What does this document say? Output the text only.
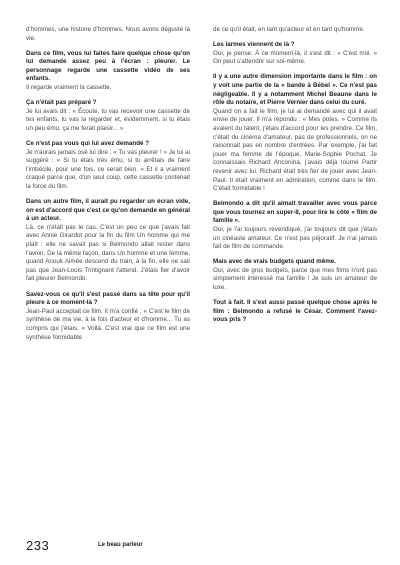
d'hommes, une histoire d'hommes. Nous avons dégusté la vie.
Dans ce film, vous lui faites faire quelque chose qu'on lui demande assez peu à l'écran : pleurer. Le personnage regarde une cassette vidéo de ses enfants.
Il regarde vraiment la cassette.
Ça n'était pas préparé ?
Je lui avais dit : « Écoute, tu vas recevoir une cassette de tes enfants, tu vas la regarder et, évidemment, si tu étais un peu ému, ça me ferait plaisir... »
Ce n'est pas vous qui lui avez demandé ?
Je n'aurais jamais osé lui dire : « Tu vas pleurer ! » Je lui ai suggéré : « Si tu étais très ému, si tu arrêtais de faire l'imbécile, pour une fois, ce serait bien. » Et il a vraiment craqué parce que, d'un seul coup, cette cassette contenait la force du film.
Dans un autre film, il aurait pu regarder un écran vide, on est d'accord que c'est ce qu'on demande en général à un acteur.
Là, ce n'était pas le cas. C'est un peu ce que j'avais fait avec Annie Girardot pour la fin du film Un homme qui me plaît : elle ne savait pas si Belmondo allait rester dans l'avion. De la même façon, dans Un homme et une femme, quand Anouk Aimée descend du train, à la fin, elle ne sait pas que Jean-Louis Trintignant l'attend. J'étais fier d'avoir fait pleurer Belmondo.
Savez-vous ce qu'il s'est passé dans sa tête pour qu'il pleure à ce moment-là ?
Jean-Paul acceptait ce film. Il m'a confié : « C'est le film de synthèse de ma vie, à la fois d'acteur et d'homme... Tu as compris qui j'étais. » Voilà. C'est vrai que ce film est une synthèse formidable
de ce qu'il était, en tant qu'acteur et en tant qu'homme.
Les larmes viennent de là ?
Oui, je pense. À ce moment-là, il s'est dit : « C'est moi. » On peut s'attendrir sur soi-même.
Il y a une autre dimension importante dans le film : on y voit une partie de la « bande à Bébel ». Ce n'est pas négligeable. Il y a notamment Michel Beaune dans le rôle du notaire, et Pierre Vernier dans celui du curé.
Quand on a fait le film, je lui ai demandé avec qui il avait envie de jouer. Il m'a répondu : « Mes potes. » Comme ils avaient du talent, j'étais d'accord pour les prendre. Ce film, c'était du cinéma d'amateur, pas de professionnels, on ne raisonnait pas en nombre d'entrées. Par exemple, j'ai fait jouer ma femme de l'époque, Marie-Sophie Pochat. Je connaissais Richard Anconina, j'avais déjà tourné Partir revenir avec lui. Richard était très fier de jouer avec Jean-Paul. Il était vraiment en admiration, comme dans le film. C'était formidable !
Belmondo a dit qu'il aimait travailler avec vous parce que vous tournez en super-8, pour lire le côté « film de famille ».
Oui, je l'ai toujours revendiqué, j'ai toujours dit que j'étais un cinéaste amateur. Ce n'est pas péjoratif. Je n'ai jamais fait de film de commande.
Mais avec de vrais budgets quand même.
Oui, avec de gros budgets, parce que mes films n'ont pas simplement intéressé ma famille ! Je suis un amateur de luxe.
Tout à fait. Il s'est aussi passé quelque chose après le film : Belmondo a refusé le César. Comment l'avez-vous pris ?
233	Le beau parleur
